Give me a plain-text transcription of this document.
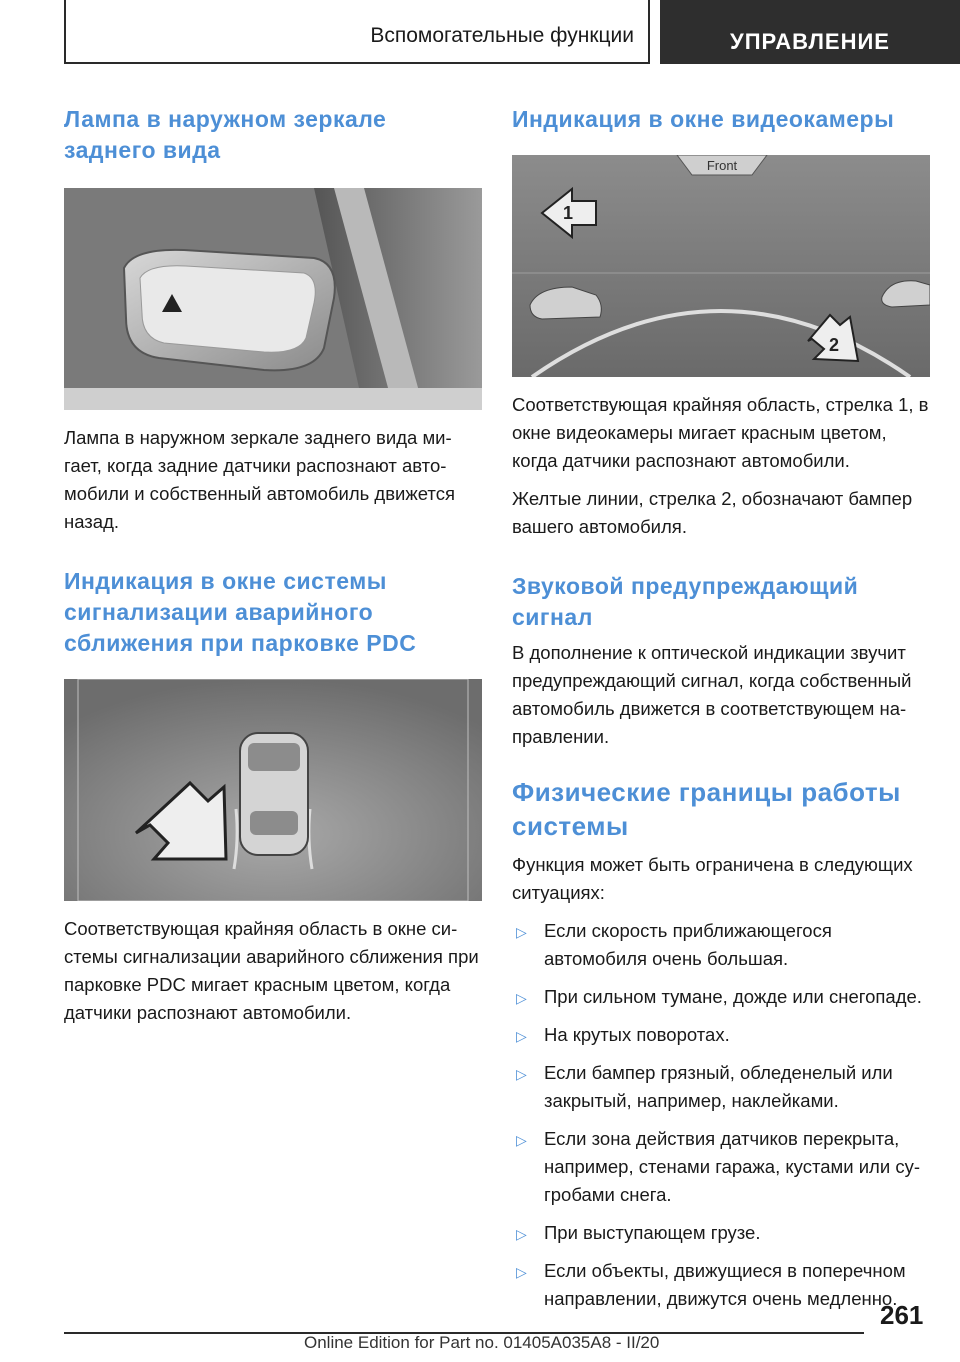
Вспомогательные функции	УПРАВЛЕНИЕ
Лампа в наружном зеркале заднего вида

Лампа в наружном зеркале заднего вида ми-гает, когда задние датчики распознают авто-мобили и собственный автомобиль движется назад.

Индикация в окне системы сигнализации аварийного сближения при парковке PDC

Соответствующая крайняя область в окне си-стемы сигнализации аварийного сближения при парковке PDC мигает красным цветом, когда датчики распознают автомобили.

Индикация в окне видеокамеры
Front
1
2

Соответствующая крайняя область, стрелка 1, в окне видеокамеры мигает красным цветом, когда датчики распознают автомобили.

Желтые линии, стрелка 2, обозначают бампер вашего автомобиля.

Звуковой предупреждающий сигнал

В дополнение к оптической индикации звучит предупреждающий сигнал, когда собственный автомобиль движется в соответствующем на-правлении.

Физические границы работы системы

Функция может быть ограничена в следующих ситуациях:

▷ Если скорость приближающегося автомобиля очень большая.
▷ При сильном тумане, дожде или снегопаде.
▷ На крутых поворотах.
▷ Если бампер грязный, обледенелый или закрытый, например, наклейками.
▷ Если зона действия датчиков перекрыта, например, стенами гаража, кустами или су-гробами снега.
▷ При выступающем грузе.
▷ Если объекты, движущиеся в поперечном направлении, движутся очень медленно.
261
Online Edition for Part no. 01405A035A8 - II/20
